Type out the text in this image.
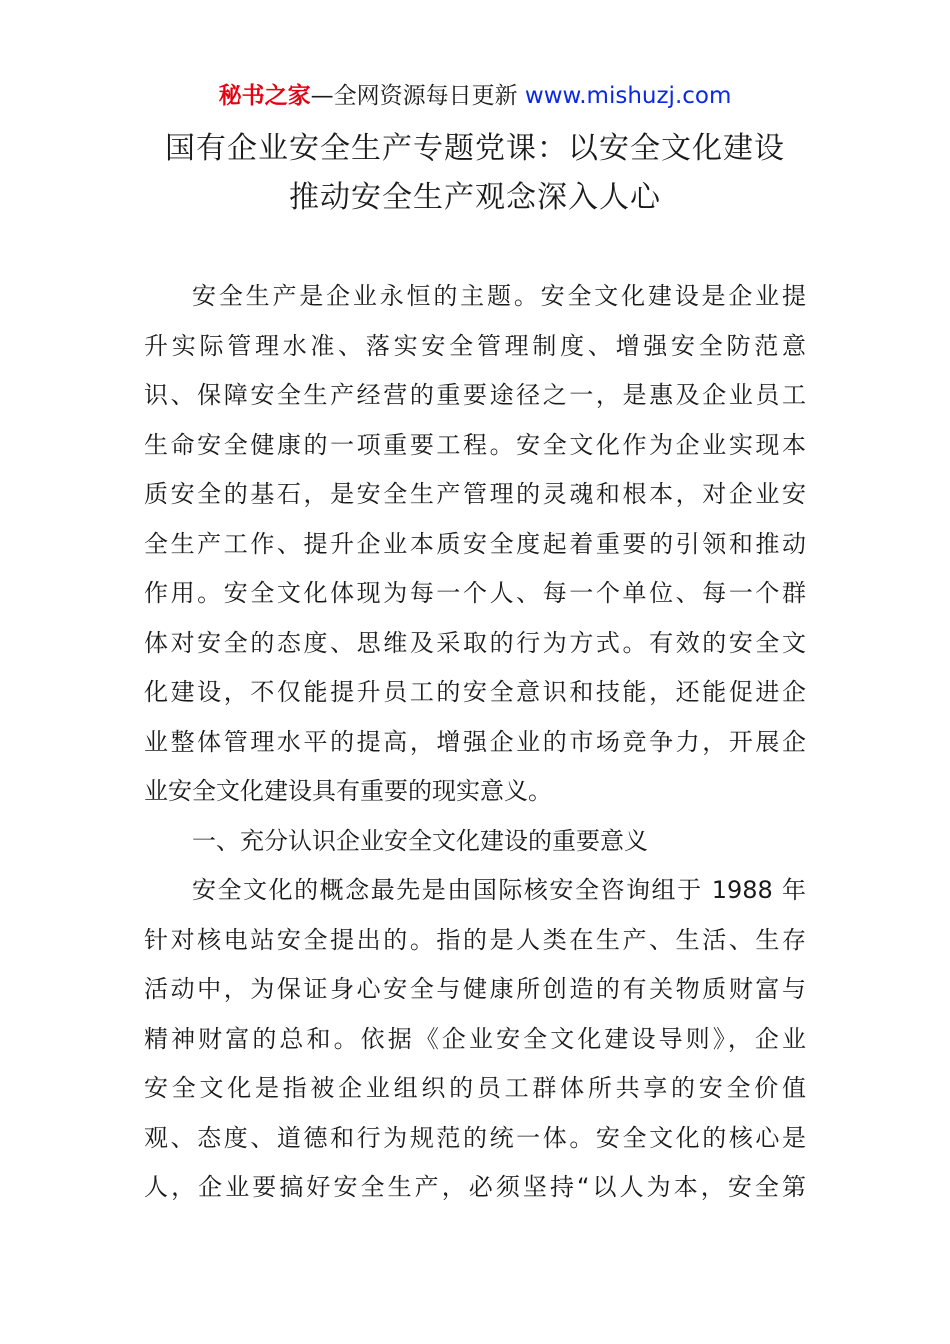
秘书之家—全网资源每日更新 www.mishuzj.com
国有企业安全生产专题党课：以安全文化建设
推动安全生产观念深入人心
安全生产是企业永恒的主题。安全文化建设是企业提
升实际管理水准、落实安全管理制度、增强安全防范意
识、保障安全生产经营的重要途径之一，是惠及企业员工
生命安全健康的一项重要工程。安全文化作为企业实现本
质安全的基石，是安全生产管理的灵魂和根本，对企业安
全生产工作、提升企业本质安全度起着重要的引领和推动
作用。安全文化体现为每一个人、每一个单位、每一个群
体对安全的态度、思维及采取的行为方式。有效的安全文
化建设，不仅能提升员工的安全意识和技能，还能促进企
业整体管理水平的提高，增强企业的市场竞争力，开展企
业安全文化建设具有重要的现实意义。
一、充分认识企业安全文化建设的重要意义
安全文化的概念最先是由国际核安全咨询组于 1988 年
针对核电站安全提出的。指的是人类在生产、生活、生存
活动中，为保证身心安全与健康所创造的有关物质财富与
精神财富的总和。依据《企业安全文化建设导则》，企业
安全文化是指被企业组织的员工群体所共享的安全价值
观、态度、道德和行为规范的统一体。安全文化的核心是
人，企业要搞好安全生产，必须坚持“以人为本，安全第
